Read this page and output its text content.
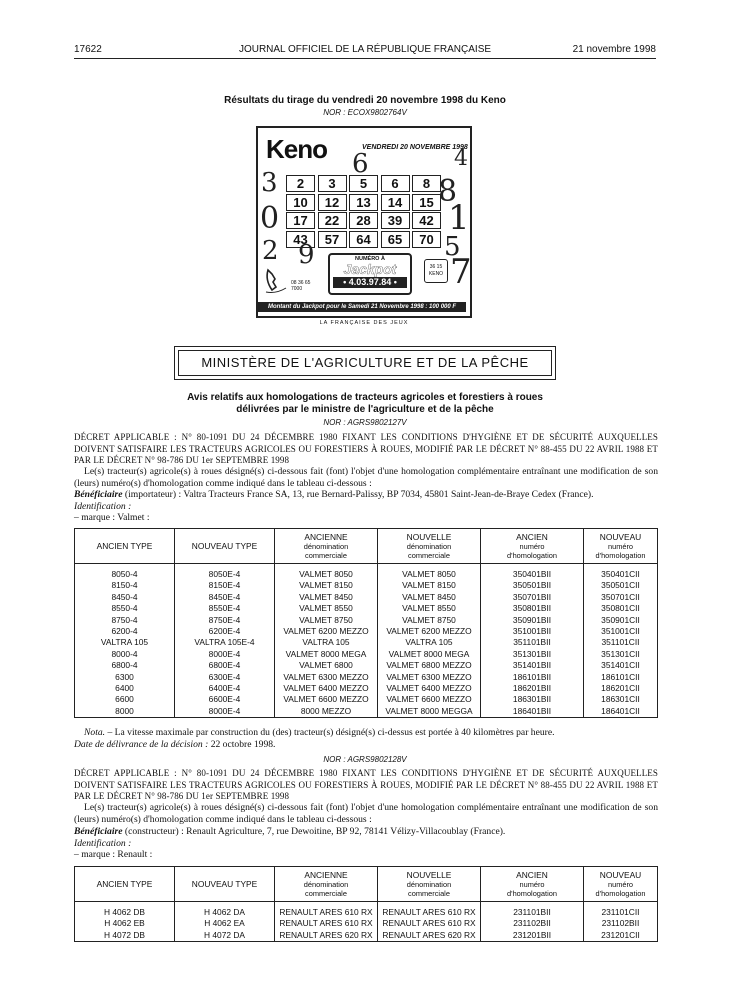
17622	JOURNAL OFFICIEL DE LA RÉPUBLIQUE FRANÇAISE	21 novembre 1998
Résultats du tirage du vendredi 20 novembre 1998 du Keno
NOR : ECOX9802764V
Keno	VENDREDI 20 NOVEMBRE 1998
2	3	5	6	8
10	12	13	14	15
17	22	28	39	42
43	57	64	65	70
NUMÉRO À
Jackpot
• 4.03.97.84 •
08 36 65 7000
36 15 KENO
Montant du Jackpot pour le Samedi 21 Novembre 1998 : 100 000 F
6	4
3	8
0	1
2 9	5
7
LA FRANÇAISE DES JEUX
MINISTÈRE DE L'AGRICULTURE ET DE LA PÊCHE
Avis relatifs aux homologations de tracteurs agricoles et forestiers à roues
délivrées par le ministre de l'agriculture et de la pêche
NOR : AGRS9802127V
DÉCRET APPLICABLE : N° 80-1091 DU 24 DÉCEMBRE 1980 FIXANT LES CONDITIONS D'HYGIÈNE ET DE SÉCURITÉ AUXQUELLES DOIVENT SATISFAIRE LES TRACTEURS AGRICOLES OU FORESTIERS À ROUES, MODIFIÉ PAR LE DÉCRET N° 88-455 DU 22 AVRIL 1988 ET PAR LE DÉCRET N° 98-786 DU 1er SEPTEMBRE 1998
Le(s) tracteur(s) agricole(s) à roues désigné(s) ci-dessous fait (font) l'objet d'une homologation complémentaire entraînant une modification de son (leurs) numéro(s) d'homologation comme indiqué dans le tableau ci-dessous :
Bénéficiaire (importateur) : Valtra Tracteurs France SA, 13, rue Bernard-Palissy, BP 7034, 45801 Saint-Jean-de-Braye Cedex (France).
Identification :
– marque : Valmet :
ANCIEN TYPE	NOUVEAU TYPE	ANCIENNE
dénomination
commerciale	NOUVELLE
dénomination
commerciale	ANCIEN
numéro
d'homologation	NOUVEAU
numéro
d'homologation

8050-4	8050E-4	VALMET 8050	VALMET 8050	350401BII	350401CII
8150-4	8150E-4	VALMET 8150	VALMET 8150	350501BII	350501CII
8450-4	8450E-4	VALMET 8450	VALMET 8450	350701BII	350701CII
8550-4	8550E-4	VALMET 8550	VALMET 8550	350801BII	350801CII
8750-4	8750E-4	VALMET 8750	VALMET 8750	350901BII	350901CII
6200-4	6200E-4	VALMET 6200 MEZZO	VALMET 6200 MEZZO	351001BII	351001CII
VALTRA 105	VALTRA 105E-4	VALTRA 105	VALTRA 105	351101BII	351101CII
8000-4	8000E-4	VALMET 8000 MEGA	VALMET 8000 MEGA	351301BII	351301CII
6800-4	6800E-4	VALMET 6800	VALMET 6800 MEZZO	351401BII	351401CII
6300	6300E-4	VALMET 6300 MEZZO	VALMET 6300 MEZZO	186101BII	186101CII
6400	6400E-4	VALMET 6400 MEZZO	VALMET 6400 MEZZO	186201BII	186201CII
6600	6600E-4	VALMET 6600 MEZZO	VALMET 6600 MEZZO	186301BII	186301CII
8000	8000E-4	8000 MEZZO	VALMET 8000 MEGGA	186401BII	186401CII
Nota. – La vitesse maximale par construction du (des) tracteur(s) désigné(s) ci-dessus est portée à 40 kilomètres par heure.
Date de délivrance de la décision : 22 octobre 1998.
NOR : AGRS9802128V
DÉCRET APPLICABLE : N° 80-1091 DU 24 DÉCEMBRE 1980 FIXANT LES CONDITIONS D'HYGIÈNE ET DE SÉCURITÉ AUXQUELLES DOIVENT SATISFAIRE LES TRACTEURS AGRICOLES OU FORESTIERS À ROUES, MODIFIÉ PAR LE DÉCRET N° 88-455 DU 22 AVRIL 1988 ET PAR LE DÉCRET N° 98-786 DU 1er SEPTEMBRE 1998
Le(s) tracteur(s) agricole(s) à roues désigné(s) ci-dessous fait (font) l'objet d'une homologation complémentaire entraînant une modification de son (leurs) numéro(s) d'homologation comme indiqué dans le tableau ci-dessous :
Bénéficiaire (constructeur) : Renault Agriculture, 7, rue Dewoitine, BP 92, 78141 Vélizy-Villacoublay (France).
Identification :
– marque : Renault :
ANCIEN TYPE	NOUVEAU TYPE	ANCIENNE
dénomination
commerciale	NOUVELLE
dénomination
commerciale	ANCIEN
numéro
d'homologation	NOUVEAU
numéro
d'homologation

H 4062 DB	H 4062 DA	RENAULT ARES 610 RX	RENAULT ARES 610 RX	231101BII	231101CII
H 4062 EB	H 4062 EA	RENAULT ARES 610 RX	RENAULT ARES 610 RX	231102BII	231102BII
H 4072 DB	H 4072 DA	RENAULT ARES 620 RX	RENAULT ARES 620 RX	231201BII	231201CII
